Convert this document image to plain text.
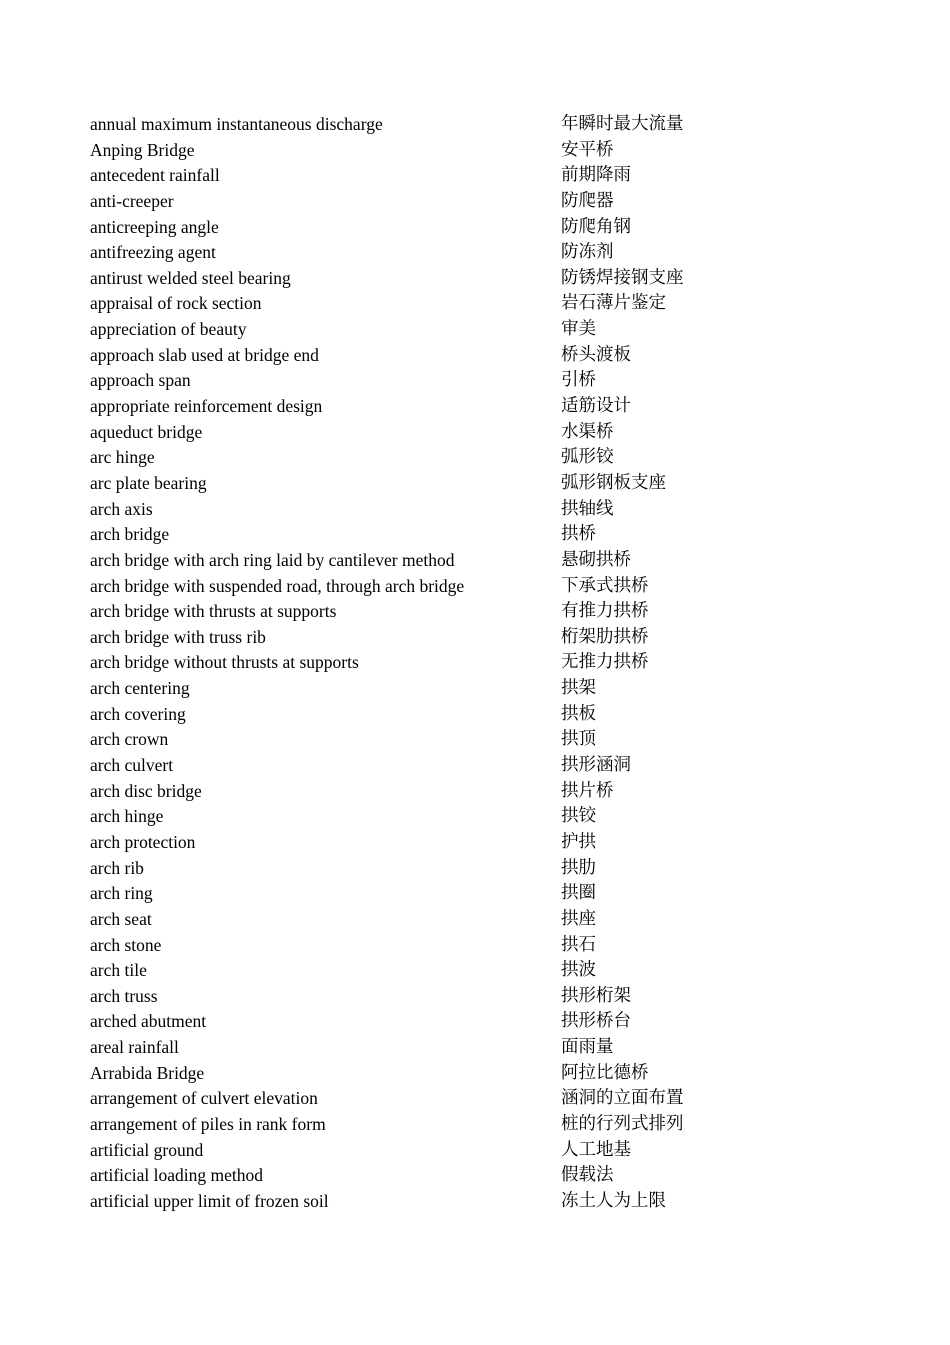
annual maximum instantaneous discharge	年瞬时最大流量
Anping Bridge	安平桥
antecedent rainfall	前期降雨
anti-creeper	防爬器
anticreeping angle	防爬角钢
antifreezing agent	防冻剂
antirust welded steel bearing	防锈焊接钢支座
appraisal of rock section	岩石薄片鉴定
appreciation of beauty	审美
approach slab used at bridge end	桥头渡板
approach span	引桥
appropriate reinforcement design	适筋设计
aqueduct bridge	水渠桥
arc hinge	弧形铰
arc plate bearing	弧形钢板支座
arch axis	拱轴线
arch bridge	拱桥
arch bridge with arch ring laid by cantilever method	悬砌拱桥
arch bridge with suspended road, through arch bridge	下承式拱桥
arch bridge with thrusts at supports	有推力拱桥
arch bridge with truss rib	桁架肋拱桥
arch bridge without thrusts at supports	无推力拱桥
arch centering	拱架
arch covering	拱板
arch crown	拱顶
arch culvert	拱形涵洞
arch disc bridge	拱片桥
arch hinge	拱铰
arch protection	护拱
arch rib	拱肋
arch ring	拱圈
arch seat	拱座
arch stone	拱石
arch tile	拱波
arch truss	拱形桁架
arched abutment	拱形桥台
areal rainfall	面雨量
Arrabida Bridge	阿拉比德桥
arrangement of culvert elevation	涵洞的立面布置
arrangement of piles in rank form	桩的行列式排列
artificial ground	人工地基
artificial loading method	假载法
artificial upper limit of frozen soil	冻土人为上限
